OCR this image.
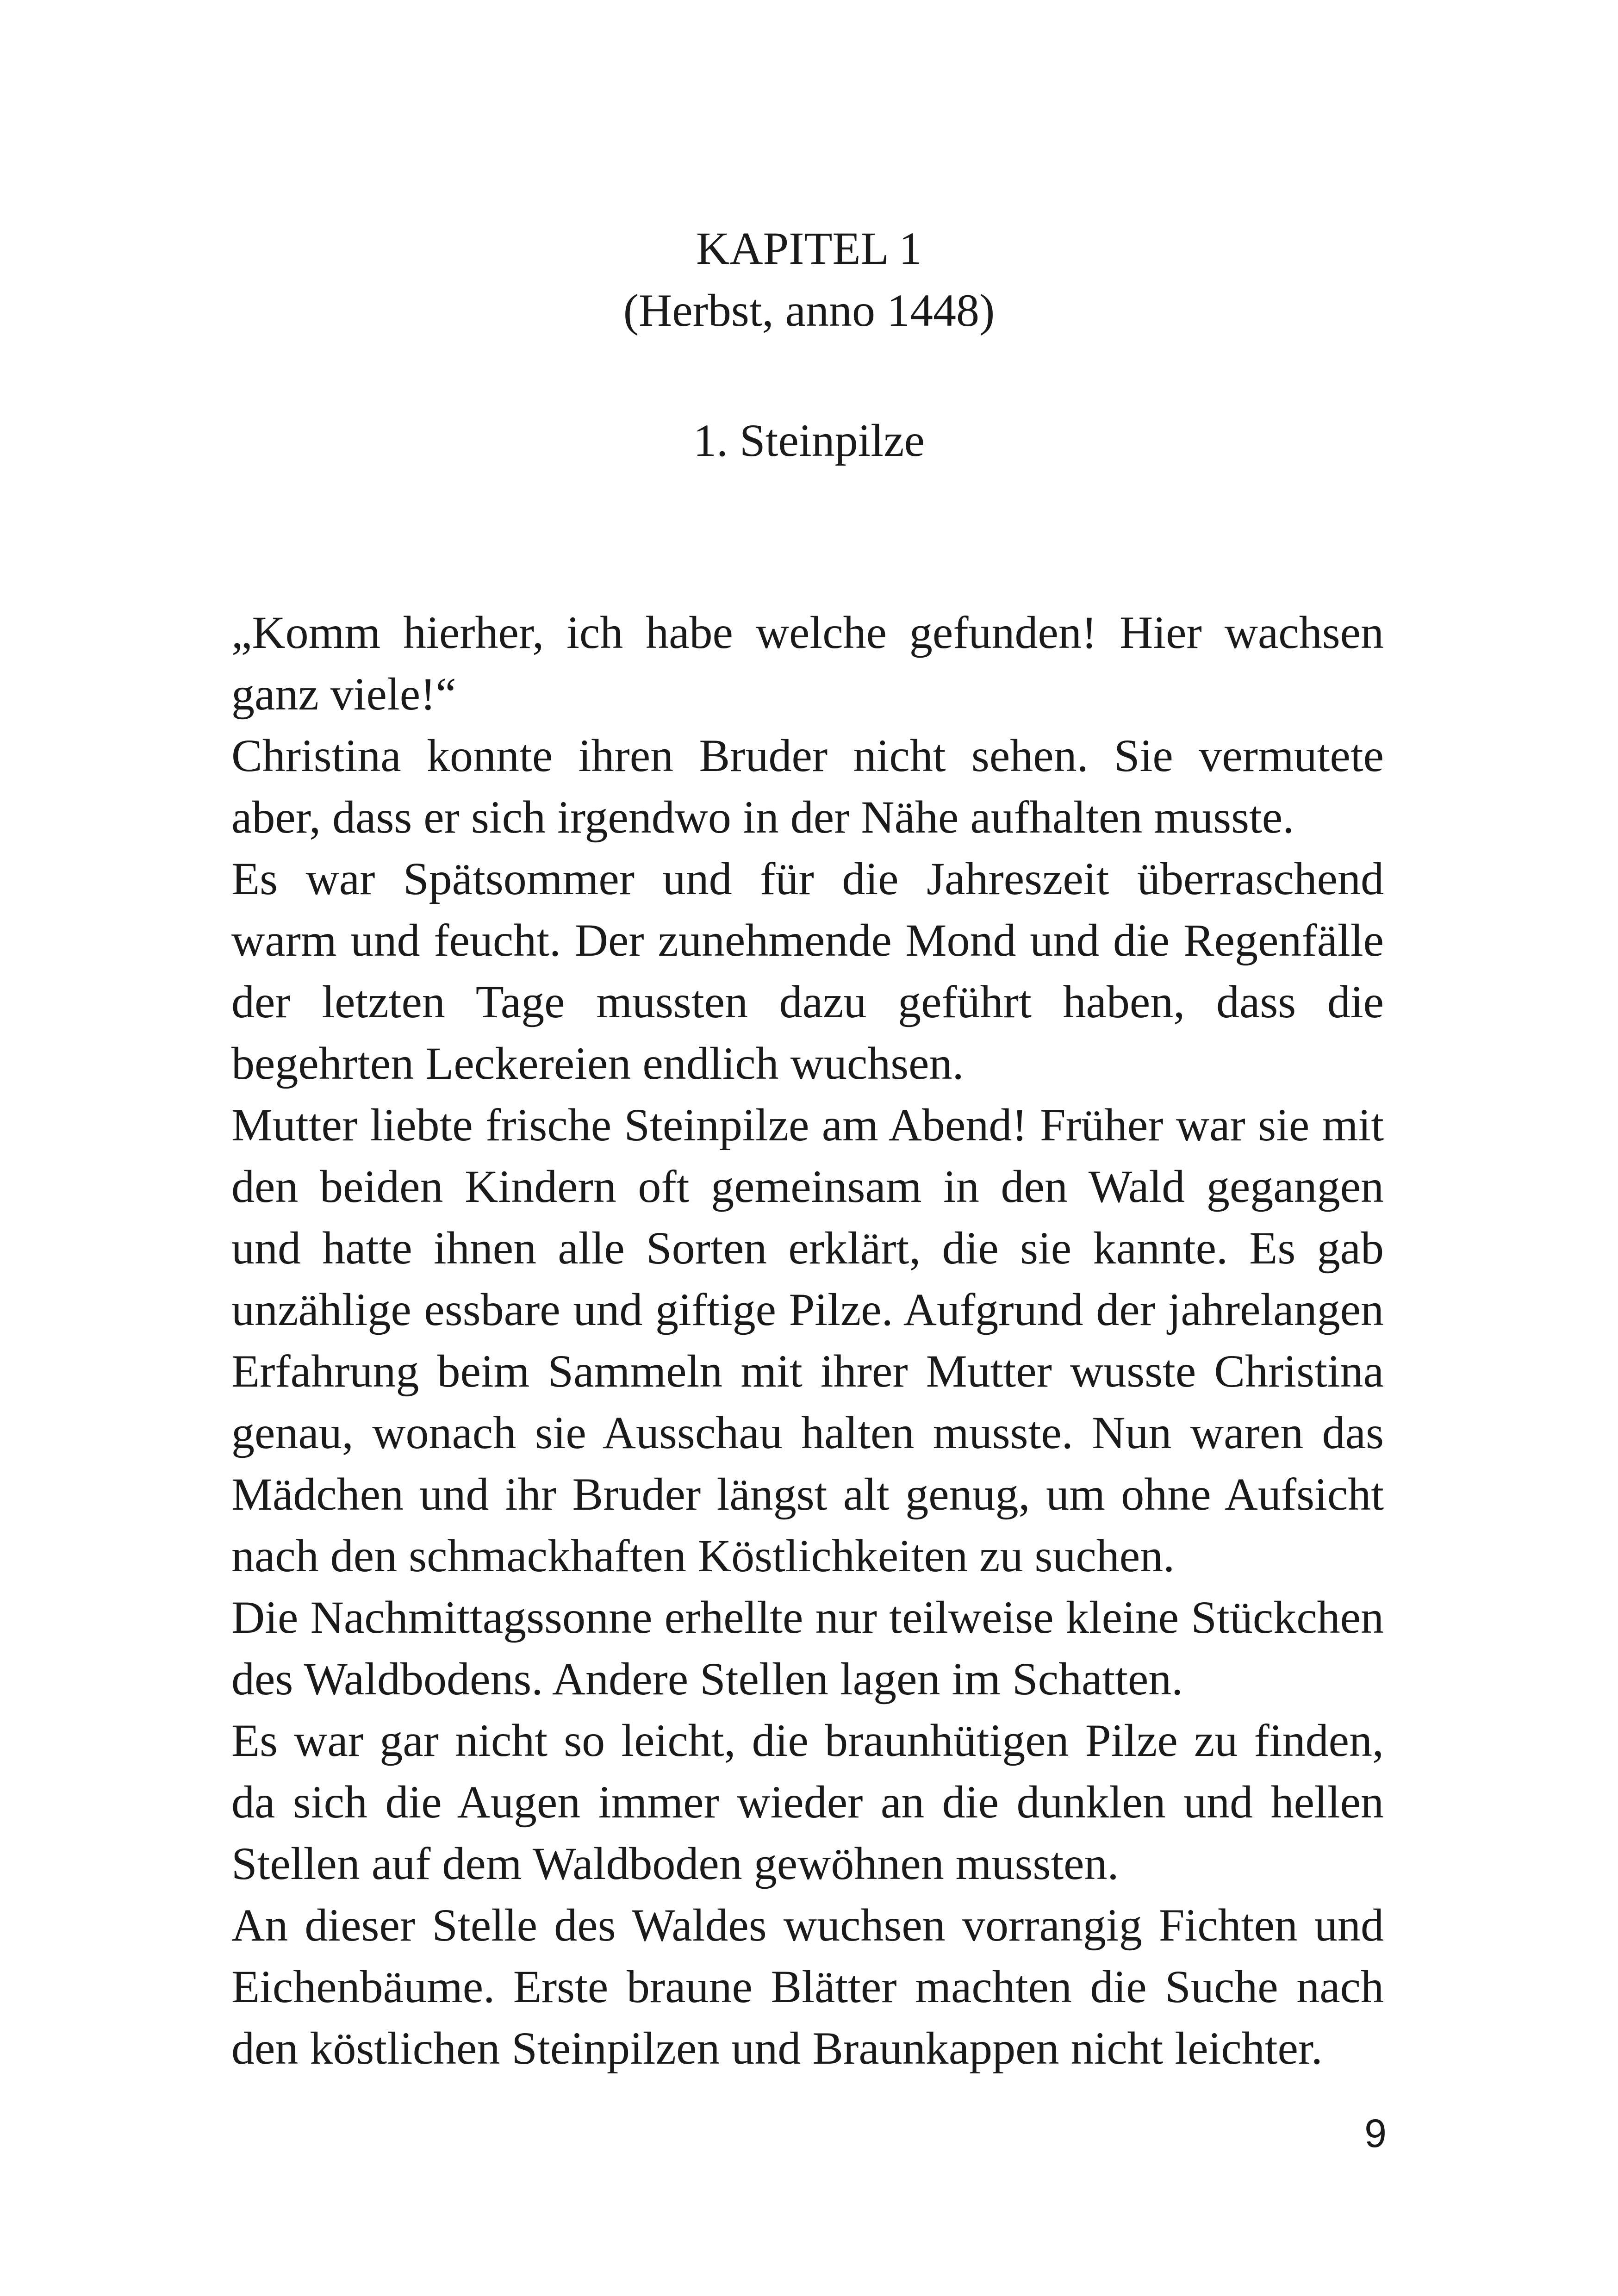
KAPITEL 1
(Herbst, anno 1448)
1. Steinpilze

„Komm hierher, ich habe welche gefunden! Hier wachsen ganz viele!“

Christina konnte ihren Bruder nicht sehen. Sie vermutete aber, dass er sich irgendwo in der Nähe aufhalten musste.

Es war Spätsommer und für die Jahreszeit überraschend warm und feucht. Der zunehmende Mond und die Regenfälle der letzten Tage mussten dazu geführt haben, dass die begehrten Leckereien endlich wuchsen.

Mutter liebte frische Steinpilze am Abend! Früher war sie mit den beiden Kindern oft gemeinsam in den Wald gegangen und hatte ihnen alle Sorten erklärt, die sie kannte. Es gab unzählige essbare und giftige Pilze. Aufgrund der jahrelangen Erfahrung beim Sammeln mit ihrer Mutter wusste Christina genau, wonach sie Ausschau halten musste. Nun waren das Mädchen und ihr Bruder längst alt genug, um ohne Aufsicht nach den schmackhaften Köstlichkeiten zu suchen.

Die Nachmittagssonne erhellte nur teilweise kleine Stückchen des Waldbodens. Andere Stellen lagen im Schatten.

Es war gar nicht so leicht, die braunhütigen Pilze zu finden, da sich die Augen immer wieder an die dunklen und hellen Stellen auf dem Waldboden gewöhnen mussten.

An dieser Stelle des Waldes wuchsen vorrangig Fichten und Eichenbäume. Erste braune Blätter machten die Suche nach den köstlichen Steinpilzen und Braunkappen nicht leichter.

9
